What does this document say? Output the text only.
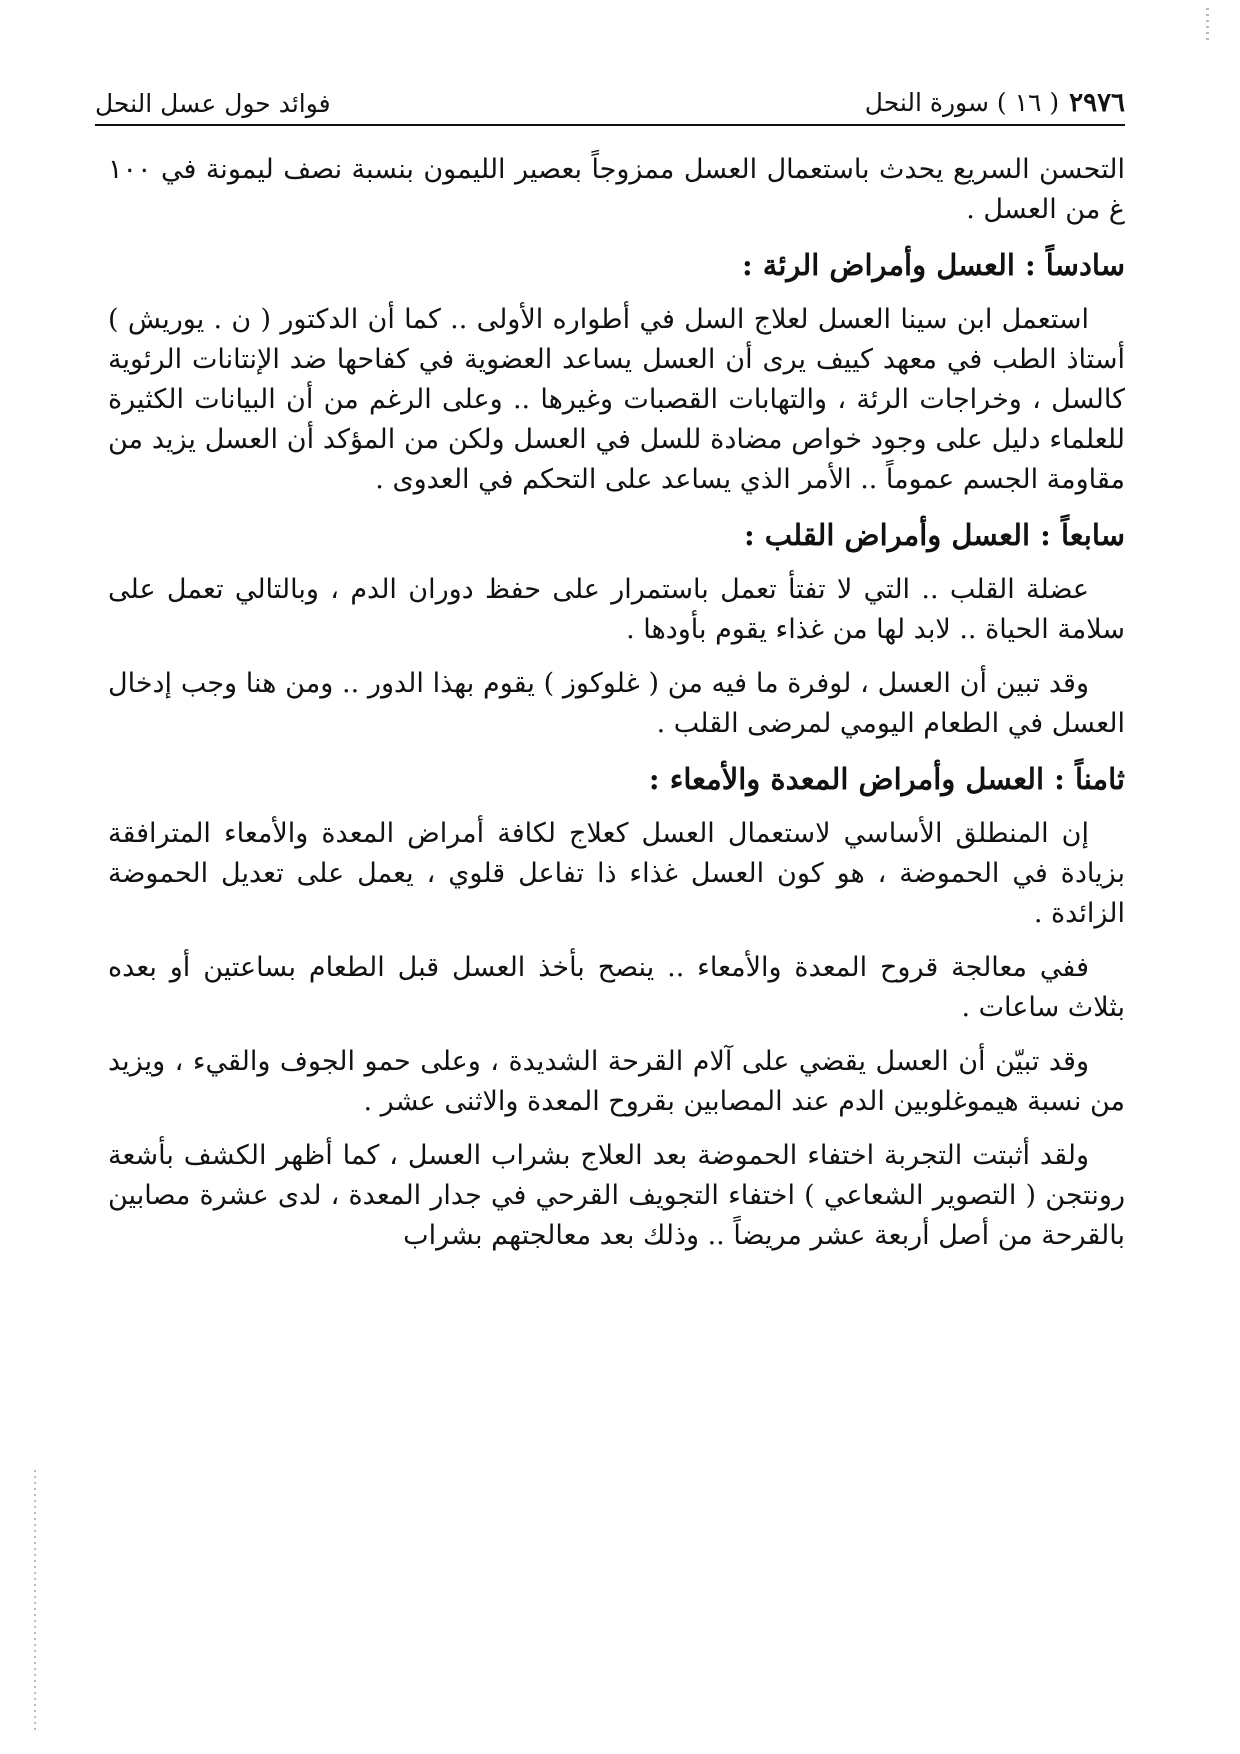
٢٩٧٦
( ١٦ ) سورة النحل
فوائد حول عسل النحل

التحسن السريع يحدث باستعمال العسل ممزوجاً بعصير الليمون بنسبة نصف ليمونة في ١٠٠ غ من العسل .

سادساً : العسل وأمراض الرئة :

استعمل ابن سينا العسل لعلاج السل في أطواره الأولى .. كما أن الدكتور ( ن . يوريش ) أستاذ الطب في معهد كييف يرى أن العسل يساعد العضوية في كفاحها ضد الإنتانات الرئوية كالسل ، وخراجات الرئة ، والتهابات القصبات وغيرها .. وعلى الرغم من أن البيانات الكثيرة للعلماء دليل على وجود خواص مضادة للسل في العسل ولكن من المؤكد أن العسل يزيد من مقاومة الجسم عموماً .. الأمر الذي يساعد على التحكم في العدوى .

سابعاً : العسل وأمراض القلب :

عضلة القلب .. التي لا تفتأ تعمل باستمرار على حفظ دوران الدم ، وبالتالي تعمل على سلامة الحياة .. لابد لها من غذاء يقوم بأودها .

وقد تبين أن العسل ، لوفرة ما فيه من ( غلوكوز ) يقوم بهذا الدور .. ومن هنا وجب إدخال العسل في الطعام اليومي لمرضى القلب .

ثامناً : العسل وأمراض المعدة والأمعاء :

إن المنطلق الأساسي لاستعمال العسل كعلاج لكافة أمراض المعدة والأمعاء المترافقة بزيادة في الحموضة ، هو كون العسل غذاء ذا تفاعل قلوي ، يعمل على تعديل الحموضة الزائدة .

ففي معالجة قروح المعدة والأمعاء .. ينصح بأخذ العسل قبل الطعام بساعتين أو بعده بثلاث ساعات .

وقد تبيّن أن العسل يقضي على آلام القرحة الشديدة ، وعلى حمو الجوف والقيء ، ويزيد من نسبة هيموغلوبين الدم عند المصابين بقروح المعدة والاثنى عشر .

ولقد أثبتت التجربة اختفاء الحموضة بعد العلاج بشراب العسل ، كما أظهر الكشف بأشعة رونتجن ( التصوير الشعاعي ) اختفاء التجويف القرحي في جدار المعدة ، لدى عشرة مصابين بالقرحة من أصل أربعة عشر مريضاً .. وذلك بعد معالجتهم بشراب
